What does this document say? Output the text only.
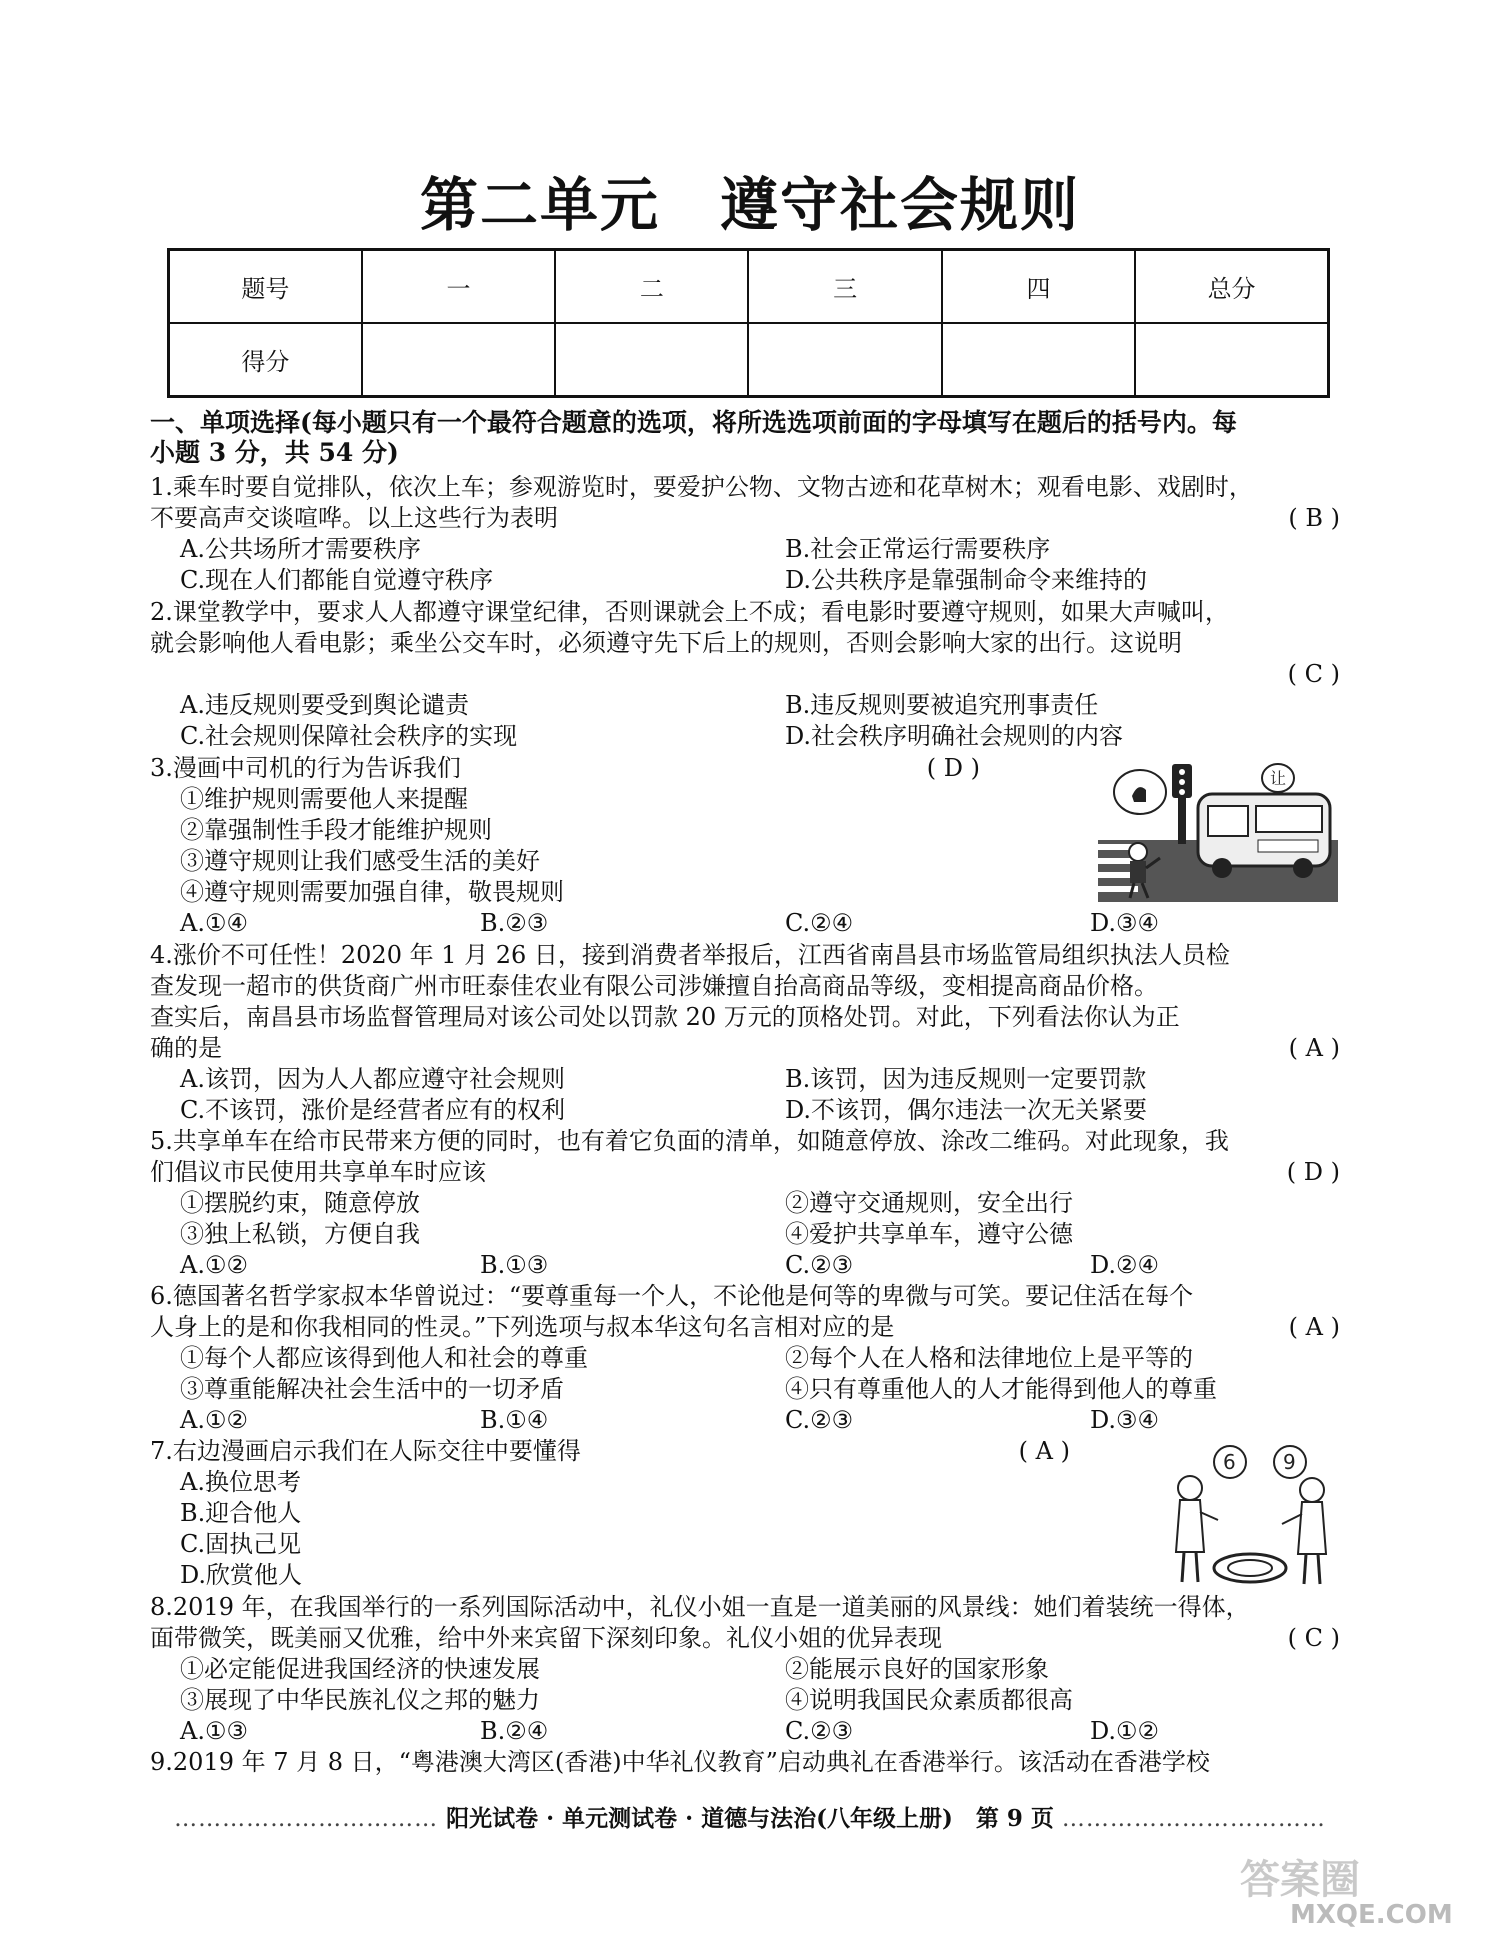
第二单元　遵守社会规则
题号	一	二	三	四	总分
得分					
一、单项选择(每小题只有一个最符合题意的选项，将所选选项前面的字母填写在题后的括号内。每
小题 3 分，共 54 分)
1.乘车时要自觉排队，依次上车；参观游览时，要爱护公物、文物古迹和花草树木；观看电影、戏剧时，
不要高声交谈喧哗。以上这些行为表明	( B )
A.公共场所才需要秩序	B.社会正常运行需要秩序
C.现在人们都能自觉遵守秩序	D.公共秩序是靠强制命令来维持的
2.课堂教学中，要求人人都遵守课堂纪律，否则课就会上不成；看电影时要遵守规则，如果大声喊叫，
就会影响他人看电影；乘坐公交车时，必须遵守先下后上的规则，否则会影响大家的出行。这说明
( C )
A.违反规则要受到舆论谴责	B.违反规则要被追究刑事责任
C.社会规则保障社会秩序的实现	D.社会秩序明确社会规则的内容
3.漫画中司机的行为告诉我们	( D )
①维护规则需要他人来提醒
②靠强制性手段才能维护规则
③遵守规则让我们感受生活的美好
④遵守规则需要加强自律，敬畏规则
A.①④	B.②③	C.②④	D.③④
让
4.涨价不可任性！2020 年 1 月 26 日，接到消费者举报后，江西省南昌县市场监管局组织执法人员检
查发现一超市的供货商广州市旺泰佳农业有限公司涉嫌擅自抬高商品等级，变相提高商品价格。
查实后，南昌县市场监督管理局对该公司处以罚款 20 万元的顶格处罚。对此，下列看法你认为正
确的是	( A )
A.该罚，因为人人都应遵守社会规则	B.该罚，因为违反规则一定要罚款
C.不该罚，涨价是经营者应有的权利	D.不该罚，偶尔违法一次无关紧要
5.共享单车在给市民带来方便的同时，也有着它负面的清单，如随意停放、涂改二维码。对此现象，我
们倡议市民使用共享单车时应该	( D )
①摆脱约束，随意停放	②遵守交通规则，安全出行
③独上私锁，方便自我	④爱护共享单车，遵守公德
A.①②	B.①③	C.②③	D.②④
6.德国著名哲学家叔本华曾说过：“要尊重每一个人，不论他是何等的卑微与可笑。要记住活在每个
人身上的是和你我相同的性灵。”下列选项与叔本华这句名言相对应的是	( A )
①每个人都应该得到他人和社会的尊重	②每个人在人格和法律地位上是平等的
③尊重能解决社会生活中的一切矛盾	④只有尊重他人的人才能得到他人的尊重
A.①②	B.①④	C.②③	D.③④
7.右边漫画启示我们在人际交往中要懂得	( A )
A.换位思考
B.迎合他人
C.固执己见
D.欣赏他人
6 9
8.2019 年，在我国举行的一系列国际活动中，礼仪小姐一直是一道美丽的风景线：她们着装统一得体，
面带微笑，既美丽又优雅，给中外来宾留下深刻印象。礼仪小姐的优异表现	( C )
①必定能促进我国经济的快速发展	②能展示良好的国家形象
③展现了中华民族礼仪之邦的魅力	④说明我国民众素质都很高
A.①③	B.②④	C.②③	D.①②
9.2019 年 7 月 8 日，“粤港澳大湾区(香港)中华礼仪教育”启动典礼在香港举行。该活动在香港学校
…………………………… 阳光试卷 · 单元测试卷 · 道德与法治(八年级上册)　第 9 页 ……………………………
答案圈
MXQE.COM
